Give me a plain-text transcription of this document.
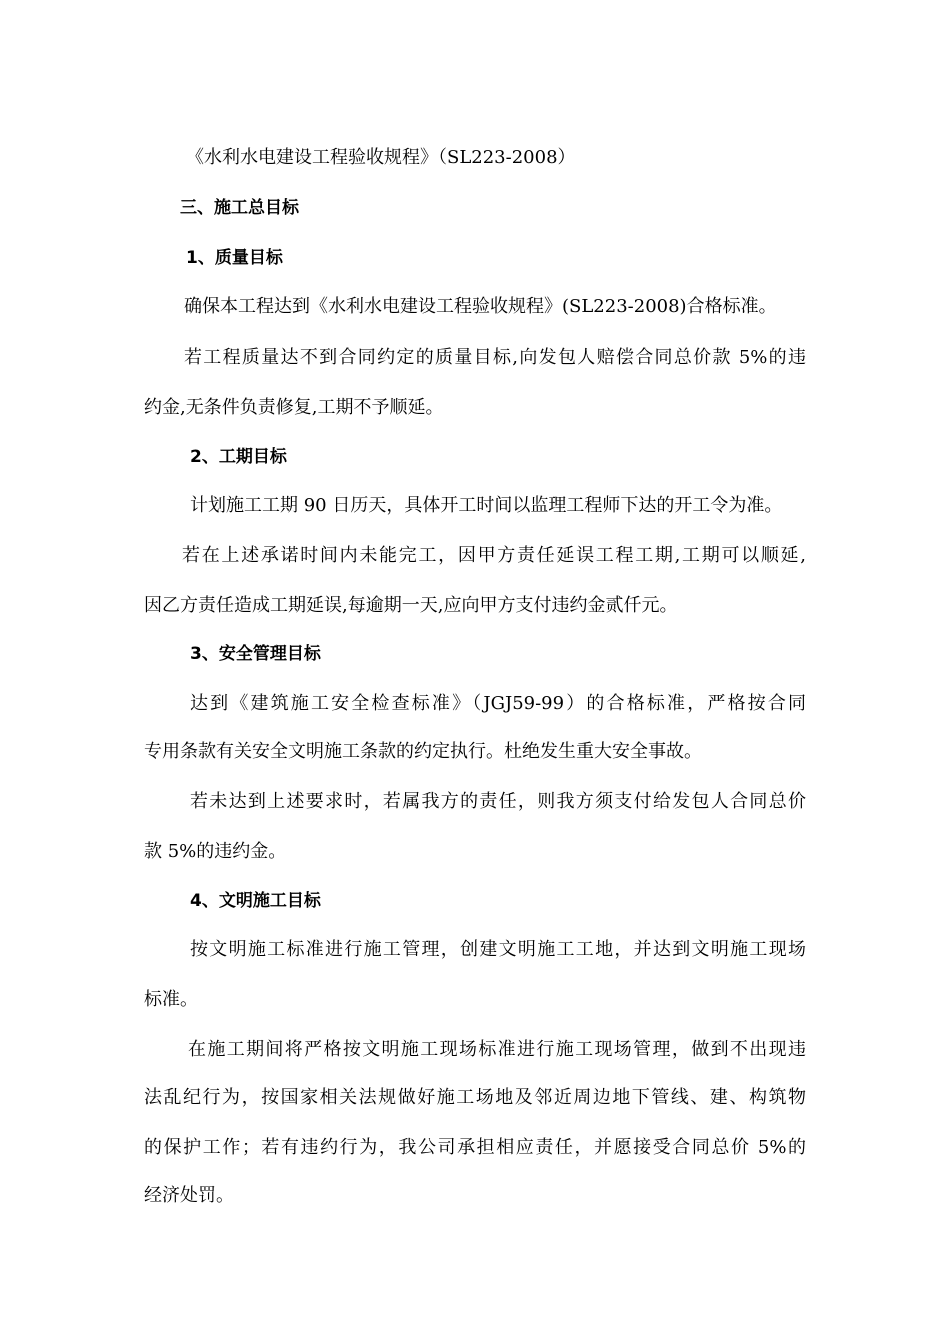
《水利水电建设工程验收规程》（SL223-2008）
三、施工总目标
1、质量目标
确保本工程达到《水利水电建设工程验收规程》(SL223-2008)合格标准。
若工程质量达不到合同约定的质量目标,向发包人赔偿合同总价款 5%的违
约金,无条件负责修复,工期不予顺延。
2、工期目标
计划施工工期 90 日历天，具体开工时间以监理工程师下达的开工令为准。
若在上述承诺时间内未能完工，因甲方责任延误工程工期,工期可以顺延,
因乙方责任造成工期延误,每逾期一天,应向甲方支付违约金贰仟元。
3、安全管理目标
达到《建筑施工安全检查标准》（JGJ59-99）的合格标准，严格按合同
专用条款有关安全文明施工条款的约定执行。杜绝发生重大安全事故。
若未达到上述要求时，若属我方的责任，则我方须支付给发包人合同总价
款 5%的违约金。
4、文明施工目标
按文明施工标准进行施工管理，创建文明施工工地，并达到文明施工现场
标准。
在施工期间将严格按文明施工现场标准进行施工现场管理，做到不出现违
法乱纪行为，按国家相关法规做好施工场地及邻近周边地下管线、建、构筑物
的保护工作；若有违约行为，我公司承担相应责任，并愿接受合同总价 5%的
经济处罚。
